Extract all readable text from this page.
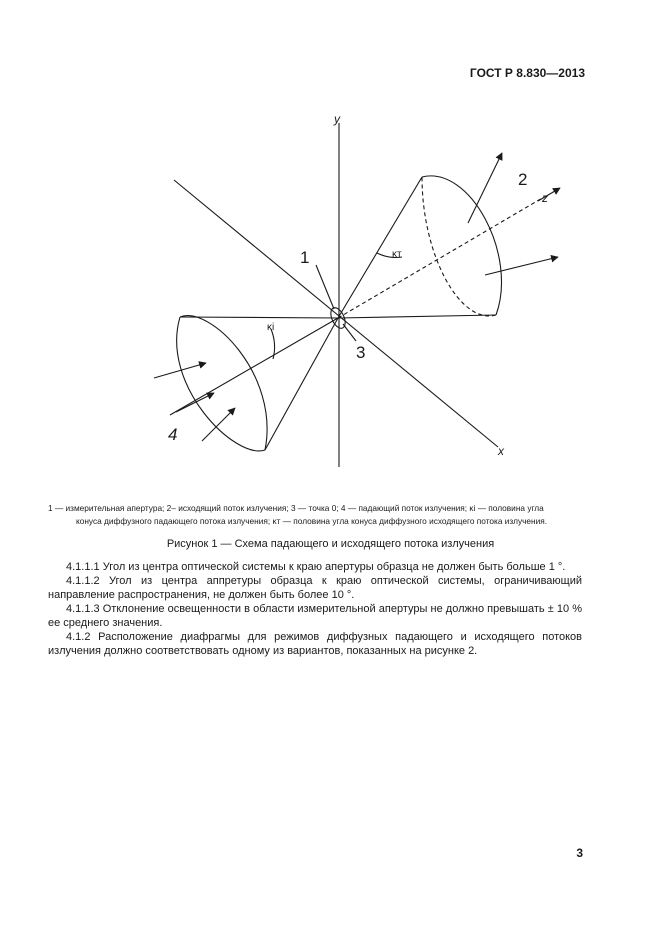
ГОСТ Р 8.830—2013
y
z
x
1
2
3
4
κi
κт
1 — измерительная апертура; 2– исходящий поток излучения; 3 — точка 0; 4 — падающий поток излучения; κi — половина угла
конуса диффузного падающего потока излучения; κт — половина угла конуса диффузного исходящего потока излучения.
Рисунок 1 — Схема падающего и исходящего потока излучения

4.1.1.1 Угол из центра оптической системы к краю апертуры образца не должен быть больше 1 °.

4.1.1.2 Угол из центра аппретуры образца к краю оптической системы, ограничивающий направление распространения, не должен быть более 10 °.

4.1.1.3 Отклонение освещенности в области измерительной апертуры не должно превышать ± 10 % ее среднего значения.

4.1.2 Расположение диафрагмы для режимов диффузных падающего и исходящего потоков излучения должно соответствовать одному из вариантов, показанных на рисунке 2.

3
